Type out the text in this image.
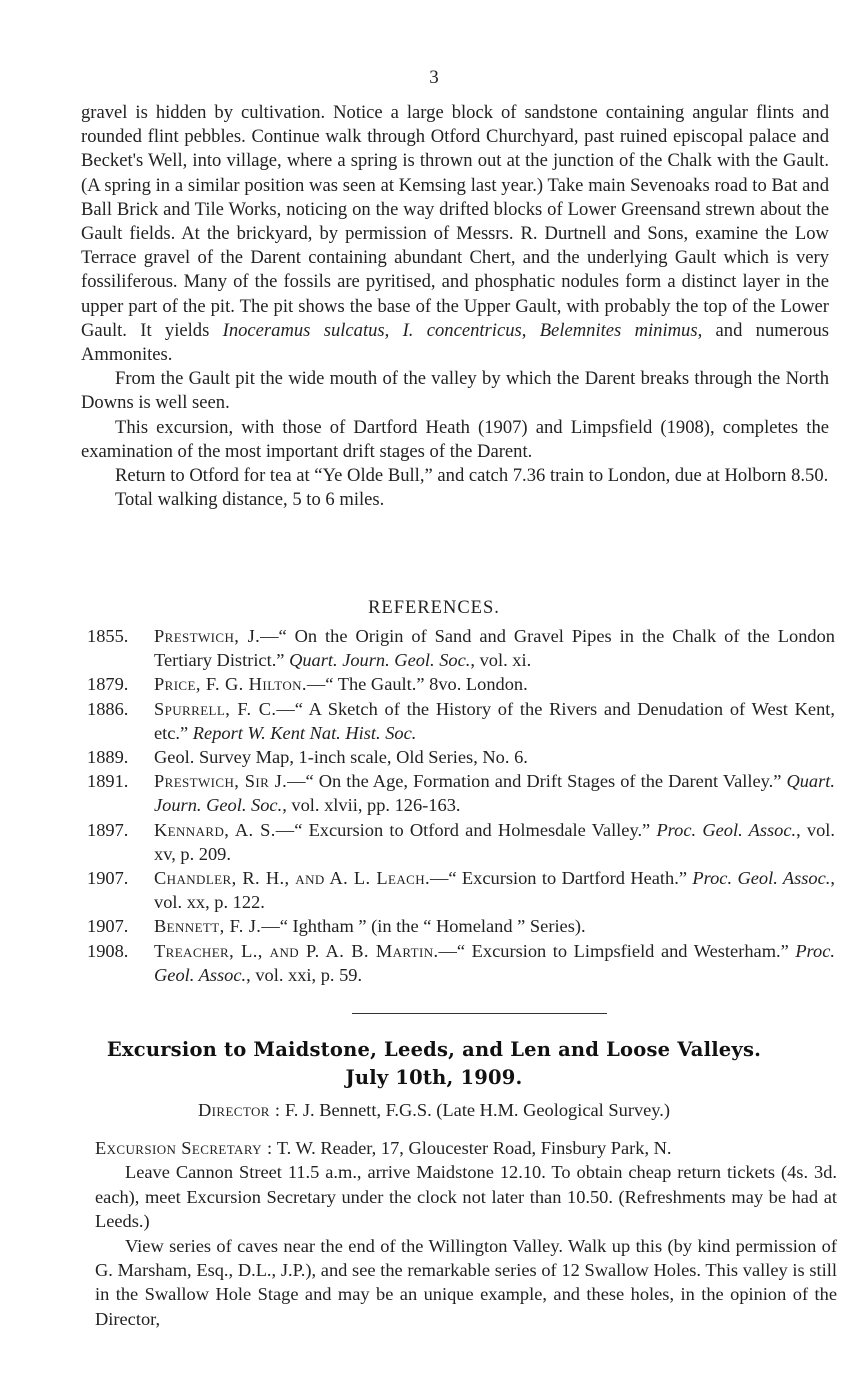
3

gravel is hidden by cultivation. Notice a large block of sandstone containing angular flints and rounded flint pebbles. Continue walk through Otford Churchyard, past ruined episcopal palace and Becket's Well, into village, where a spring is thrown out at the junction of the Chalk with the Gault. (A spring in a similar position was seen at Kemsing last year.) Take main Sevenoaks road to Bat and Ball Brick and Tile Works, noticing on the way drifted blocks of Lower Greensand strewn about the Gault fields. At the brickyard, by permission of Messrs. R. Durtnell and Sons, examine the Low Terrace gravel of the Darent containing abundant Chert, and the underlying Gault which is very fossiliferous. Many of the fossils are pyritised, and phosphatic nodules form a distinct layer in the upper part of the pit. The pit shows the base of the Upper Gault, with probably the top of the Lower Gault. It yields Inoceramus sulcatus, I. concentricus, Belemnites minimus, and numerous Ammonites.

From the Gault pit the wide mouth of the valley by which the Darent breaks through the North Downs is well seen.

This excursion, with those of Dartford Heath (1907) and Limpsfield (1908), completes the examination of the most important drift stages of the Darent.

Return to Otford for tea at “Ye Olde Bull,” and catch 7.36 train to London, due at Holborn 8.50.

Total walking distance, 5 to 6 miles.

REFERENCES.
1855.	Prestwich, J.—“ On the Origin of Sand and Gravel Pipes in the Chalk of the London Tertiary District.” Quart. Journ. Geol. Soc., vol. xi.
1879.	Price, F. G. Hilton.—“ The Gault.” 8vo. London.
1886.	Spurrell, F. C.—“ A Sketch of the History of the Rivers and Denudation of West Kent, etc.” Report W. Kent Nat. Hist. Soc.
1889.	Geol. Survey Map, 1-inch scale, Old Series, No. 6.
1891.	Prestwich, Sir J.—“ On the Age, Formation and Drift Stages of the Darent Valley.” Quart. Journ. Geol. Soc., vol. xlvii, pp. 126-163.
1897.	Kennard, A. S.—“ Excursion to Otford and Holmesdale Valley.” Proc. Geol. Assoc., vol. xv, p. 209.
1907.	Chandler, R. H., and A. L. Leach.—“ Excursion to Dartford Heath.” Proc. Geol. Assoc., vol. xx, p. 122.
1907.	Bennett, F. J.—“ Ightham ” (in the “ Homeland ” Series).
1908.	Treacher, L., and P. A. B. Martin.—“ Excursion to Limpsfield and Westerham.” Proc. Geol. Assoc., vol. xxi, p. 59.
Excursion to Maidstone, Leeds, and Len and Loose Valleys.
July 10th, 1909.
Director : F. J. Bennett, F.G.S. (Late H.M. Geological Survey.)

Excursion Secretary : T. W. Reader, 17, Gloucester Road, Finsbury Park, N.

Leave Cannon Street 11.5 a.m., arrive Maidstone 12.10. To obtain cheap return tickets (4s. 3d. each), meet Excursion Secretary under the clock not later than 10.50. (Refreshments may be had at Leeds.)

View series of caves near the end of the Willington Valley. Walk up this (by kind permission of G. Marsham, Esq., D.L., J.P.), and see the remarkable series of 12 Swallow Holes. This valley is still in the Swallow Hole Stage and may be an unique example, and these holes, in the opinion of the Director,
